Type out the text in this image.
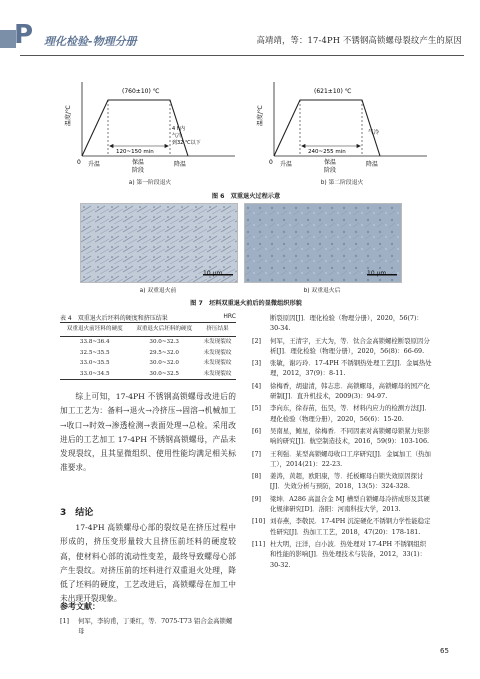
P 理化检验-物理分册	高靖靖，等：17-4PH 不锈钢高锁螺母裂纹产生的原因
(760±10) ℃
温度/℃
0
120~150 min
4 h内
气冷
到32 ℃以下
升温	保温
阶段
降温
a) 第一阶段退火
(621±10) ℃
温度/℃
0
240~255 min
气冷
升温	保温
阶段
降温
b) 第二阶段退火
图 6　双重退火过程示意
10 μm	10 μm
a) 双重退火前	b) 双重退火后
图 7　坯料双重退火前后的显微组织形貌
表 4　双重退火后坯料的硬度和挤压结果	HRC
双重退火前坯料的硬度	双重退火后坯料的硬度	挤压结果
33.8~36.4	30.0~32.3	未发现裂纹
32.5~35.5	29.5~32.0	未发现裂纹
33.0~35.5	30.0~32.0	未发现裂纹
33.0~34.5	30.0~32.5	未发现裂纹
综上可知，17-4PH 不锈钢高锁螺母改进后的加工工艺为：备料→退火→冷挤压→固溶→机械加工→收口→时效→渗透检测→表面处理→总检。采用改进后的工艺加工 17-4PH 不锈钢高锁螺母，产品未发现裂纹，且其显微组织、使用性能均满足相关标准要求。
3　结论
17-4PH 高锁螺母心部的裂纹是在挤压过程中形成的，挤压变形量较大且挤压前坯料的硬度较高，使材料心部的流动性变差，最终导致螺母心部产生裂纹。对挤压前的坯料进行双重退火处理，降低了坯料的硬度，工艺改进后，高锁螺母在加工中未出现开裂现象。
参考文献：
[1] 何军，李钧甫，丁秉红，等．7075-T73 铝合金高锁螺母
断裂原因[J]．理化检验（物理分册），2020，56(7)：30-34.
[2] 何军，王清宇，王大为，等．钛合金高锁螺栓断裂原因分析[J]．理化检验（物理分册），2020，56(8)：66-69.
[3] 张敏，谢巧玲．17-4PH 不锈钢热处理工艺[J]．金属热处理，2012，37(9)：8-11.
[4] 徐梅香，胡建清，韩志忠．高锁螺母，高锁螺母的国产化研制[J]．直升机技术，2009(3)：94-97.
[5] 李向东，徐春苗，伍昊，等．材料内应力的检测方法[J]．理化检验（物理分册），2020，56(6)：15-20.
[6] 吴南星，鲍星，徐梅香．不同因素对高锁螺母锁紧力矩影响的研究[J]．航空制造技术，2016，59(9)：103-106.
[7] 王利强．某型高锁螺母收口工序研究[J]．金属加工（热加工），2014(21)：22-23.
[8] 姜涛，黄超，欧阳康，等．托板螺母自锁失效原因探讨[J]．失效分析与预防，2018，13(5)：324-328.
[9] 梁坤．A286 高温合金 MJ 槽型自锁螺母冷挤成形及其硬化规律研究[D]．洛阳：河南科技大学，2013.
[10] 刘春燕，李敬民．17-4PH 沉淀硬化不锈钢力学性能稳定性研究[J]．热加工工艺，2018，47(20)：178-181.
[11] 杜大明，汪洋，白小波．热处理对 17-4PH 不锈钢组织和性能的影响[J]．热处理技术与装备，2012，33(1)：30-32.
65
